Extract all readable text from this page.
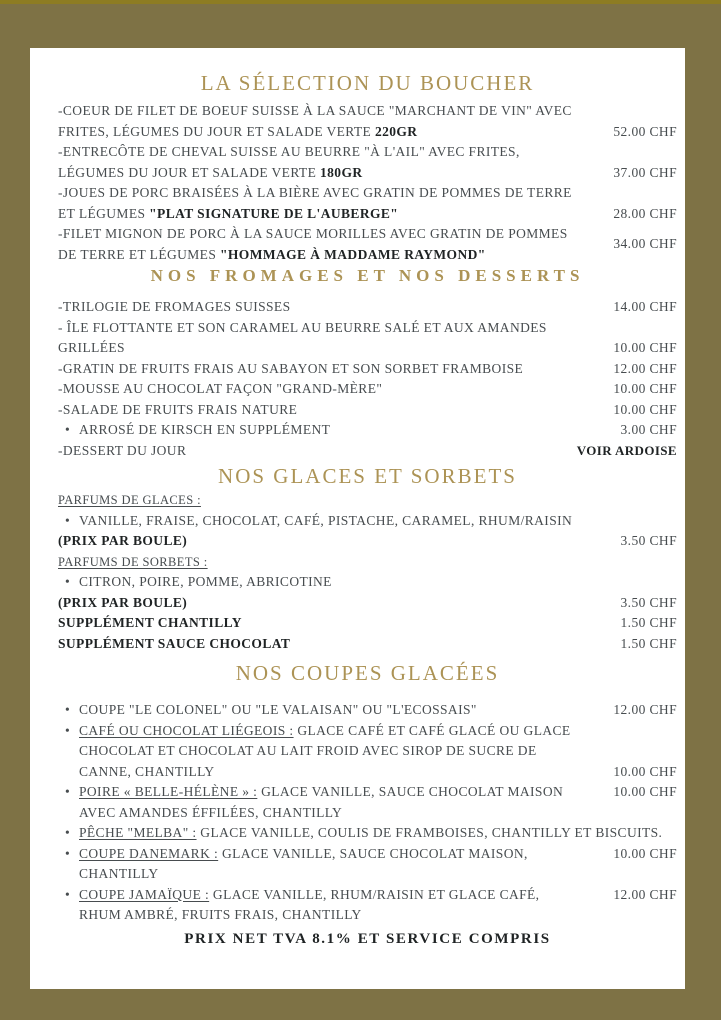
LA SÉLECTION DU BOUCHER
-COEUR DE FILET DE BOEUF SUISSE À LA SAUCE "MARCHANT DE VIN" AVEC FRITES, LÉGUMES DU JOUR ET SALADE VERTE 220GR	52.00 CHF
-ENTRECÔTE DE CHEVAL SUISSE AU BEURRE "À L'AIL" AVEC FRITES, LÉGUMES DU JOUR ET SALADE VERTE 180GR	37.00 CHF
-JOUES DE PORC BRAISÉES À LA BIÈRE AVEC GRATIN DE POMMES DE TERRE ET LÉGUMES "PLAT SIGNATURE DE L'AUBERGE"	28.00 CHF
-FILET MIGNON DE PORC À LA SAUCE MORILLES AVEC GRATIN DE POMMES DE TERRE ET LÉGUMES "HOMMAGE À MADDAME RAYMOND"
34.00 CHF
NOS FROMAGES ET NOS DESSERTS
-TRILOGIE DE FROMAGES SUISSES	14.00 CHF
- ÎLE FLOTTANTE ET SON CARAMEL AU BEURRE SALÉ ET AUX AMANDES GRILLÉES	10.00 CHF
-GRATIN DE FRUITS FRAIS AU SABAYON ET SON SORBET FRAMBOISE	12.00 CHF
-MOUSSE AU CHOCOLAT FAÇON "GRAND-MÈRE"	10.00 CHF
-SALADE DE FRUITS FRAIS NATURE	10.00 CHF
• ARROSÉ DE KIRSCH EN SUPPLÉMENT	3.00 CHF
-DESSERT DU JOUR	VOIR ARDOISE
NOS GLACES ET SORBETS
PARFUMS DE GLACES :
• VANILLE, FRAISE, CHOCOLAT, CAFÉ, PISTACHE, CARAMEL, RHUM/RAISIN
(PRIX PAR BOULE)	3.50 CHF
PARFUMS DE SORBETS :
• CITRON, POIRE, POMME, ABRICOTINE
(PRIX PAR BOULE)	3.50 CHF
SUPPLÉMENT CHANTILLY	1.50 CHF
SUPPLÉMENT SAUCE CHOCOLAT	1.50 CHF
NOS COUPES GLACÉES
• COUPE "LE COLONEL" OU "LE VALAISAN" OU "L'ECOSSAIS"	12.00 CHF
• CAFÉ OU CHOCOLAT LIÉGEOIS : GLACE CAFÉ ET CAFÉ GLACÉ OU GLACE CHOCOLAT ET CHOCOLAT AU LAIT FROID AVEC SIROP DE SUCRE DE CANNE, CHANTILLY	10.00 CHF
• POIRE « BELLE-HÉLÈNE » : GLACE VANILLE, SAUCE CHOCOLAT MAISON AVEC AMANDES ÉFFILÉES, CHANTILLY
10.00 CHF
• PÊCHE "MELBA" : GLACE VANILLE, COULIS DE FRAMBOISES, CHANTILLY ET BISCUITS.
• COUPE DANEMARK : GLACE VANILLE, SAUCE CHOCOLAT MAISON, CHANTILLY
10.00 CHF
• COUPE JAMAÏQUE : GLACE VANILLE, RHUM/RAISIN ET GLACE CAFÉ, RHUM AMBRÉ, FRUITS FRAIS, CHANTILLY
12.00 CHF
PRIX NET TVA 8.1% ET SERVICE COMPRIS
